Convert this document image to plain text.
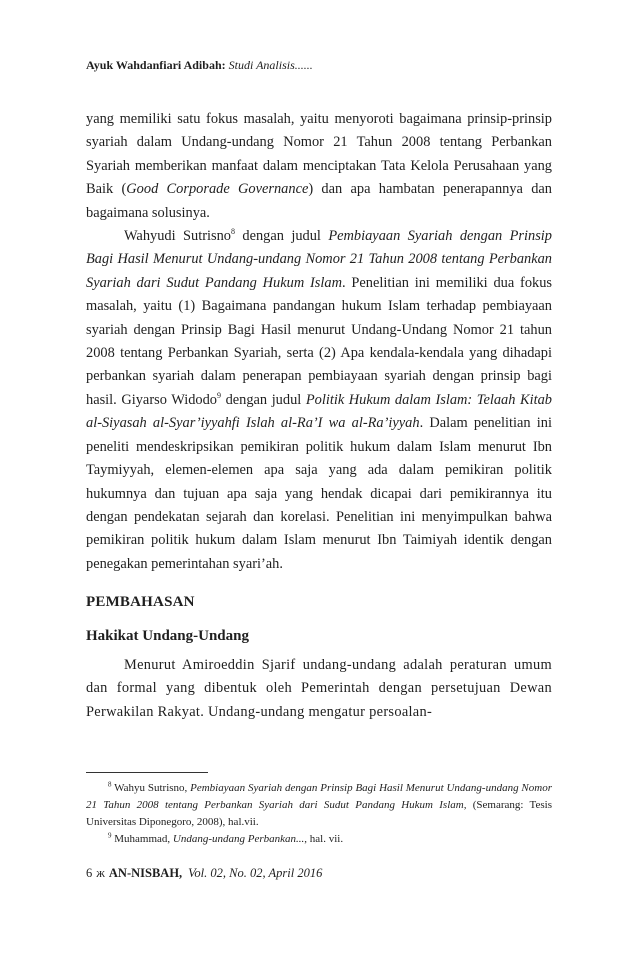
Ayuk Wahdanfiari Adibah: Studi Analisis......

yang memiliki satu fokus masalah, yaitu menyoroti bagaimana prinsip-prinsip syariah dalam Undang-undang Nomor 21 Tahun 2008 tentang Perbankan Syariah memberikan manfaat dalam menciptakan Tata Kelola Perusahaan yang Baik (Good Corporade Governance) dan apa hambatan penerapannya dan bagaimana solusinya.

Wahyudi Sutrisno$^8$ dengan judul Pembiayaan Syariah dengan Prinsip Bagi Hasil Menurut Undang-undang Nomor 21 Tahun 2008 tentang Perbankan Syariah dari Sudut Pandang Hukum Islam. Penelitian ini memiliki dua fokus masalah, yaitu (1) Bagaimana pandangan hukum Islam terhadap pembiayaan syariah dengan Prinsip Bagi Hasil menurut Undang-Undang Nomor 21 tahun 2008 tentang Perbankan Syariah, serta (2) Apa kendala-kendala yang dihadapi perbankan syariah dalam penerapan pembiayaan syariah dengan prinsip bagi hasil. Giyarso Widodo$^9$ dengan judul Politik Hukum dalam Islam: Telaah Kitab al-Siyasah al-Syar’iyyahfi Islah al-Ra’I wa al-Ra’iyyah. Dalam penelitian ini peneliti mendeskripsikan pemikiran politik hukum dalam Islam menurut Ibn Taymiyyah, elemen-elemen apa saja yang ada dalam pemikiran politik hukumnya dan tujuan apa saja yang hendak dicapai dari pemikirannya itu dengan pendekatan sejarah dan korelasi. Penelitian ini menyimpulkan bahwa pemikiran politik hukum dalam Islam menurut Ibn Taimiyah identik dengan penegakan pemerintahan syari’ah.

PEMBAHASAN
Hakikat Undang-Undang

Menurut Amiroeddin Sjarif undang-undang adalah peraturan umum dan formal yang dibentuk oleh Pemerintah dengan persetujuan Dewan Perwakilan Rakyat. Undang-undang mengatur persoalan-

$^8$ Wahyu Sutrisno, Pembiayaan Syariah dengan Prinsip Bagi Hasil Menurut Undang-undang Nomor 21 Tahun 2008 tentang Perbankan Syariah dari Sudut Pandang Hukum Islam, (Semarang: Tesis Universitas Diponegoro, 2008), hal.vii.

$^9$ Muhammad, Undang-undang Perbankan..., hal. vii.

6 ж AN-NISBAH, Vol. 02, No. 02, April 2016
